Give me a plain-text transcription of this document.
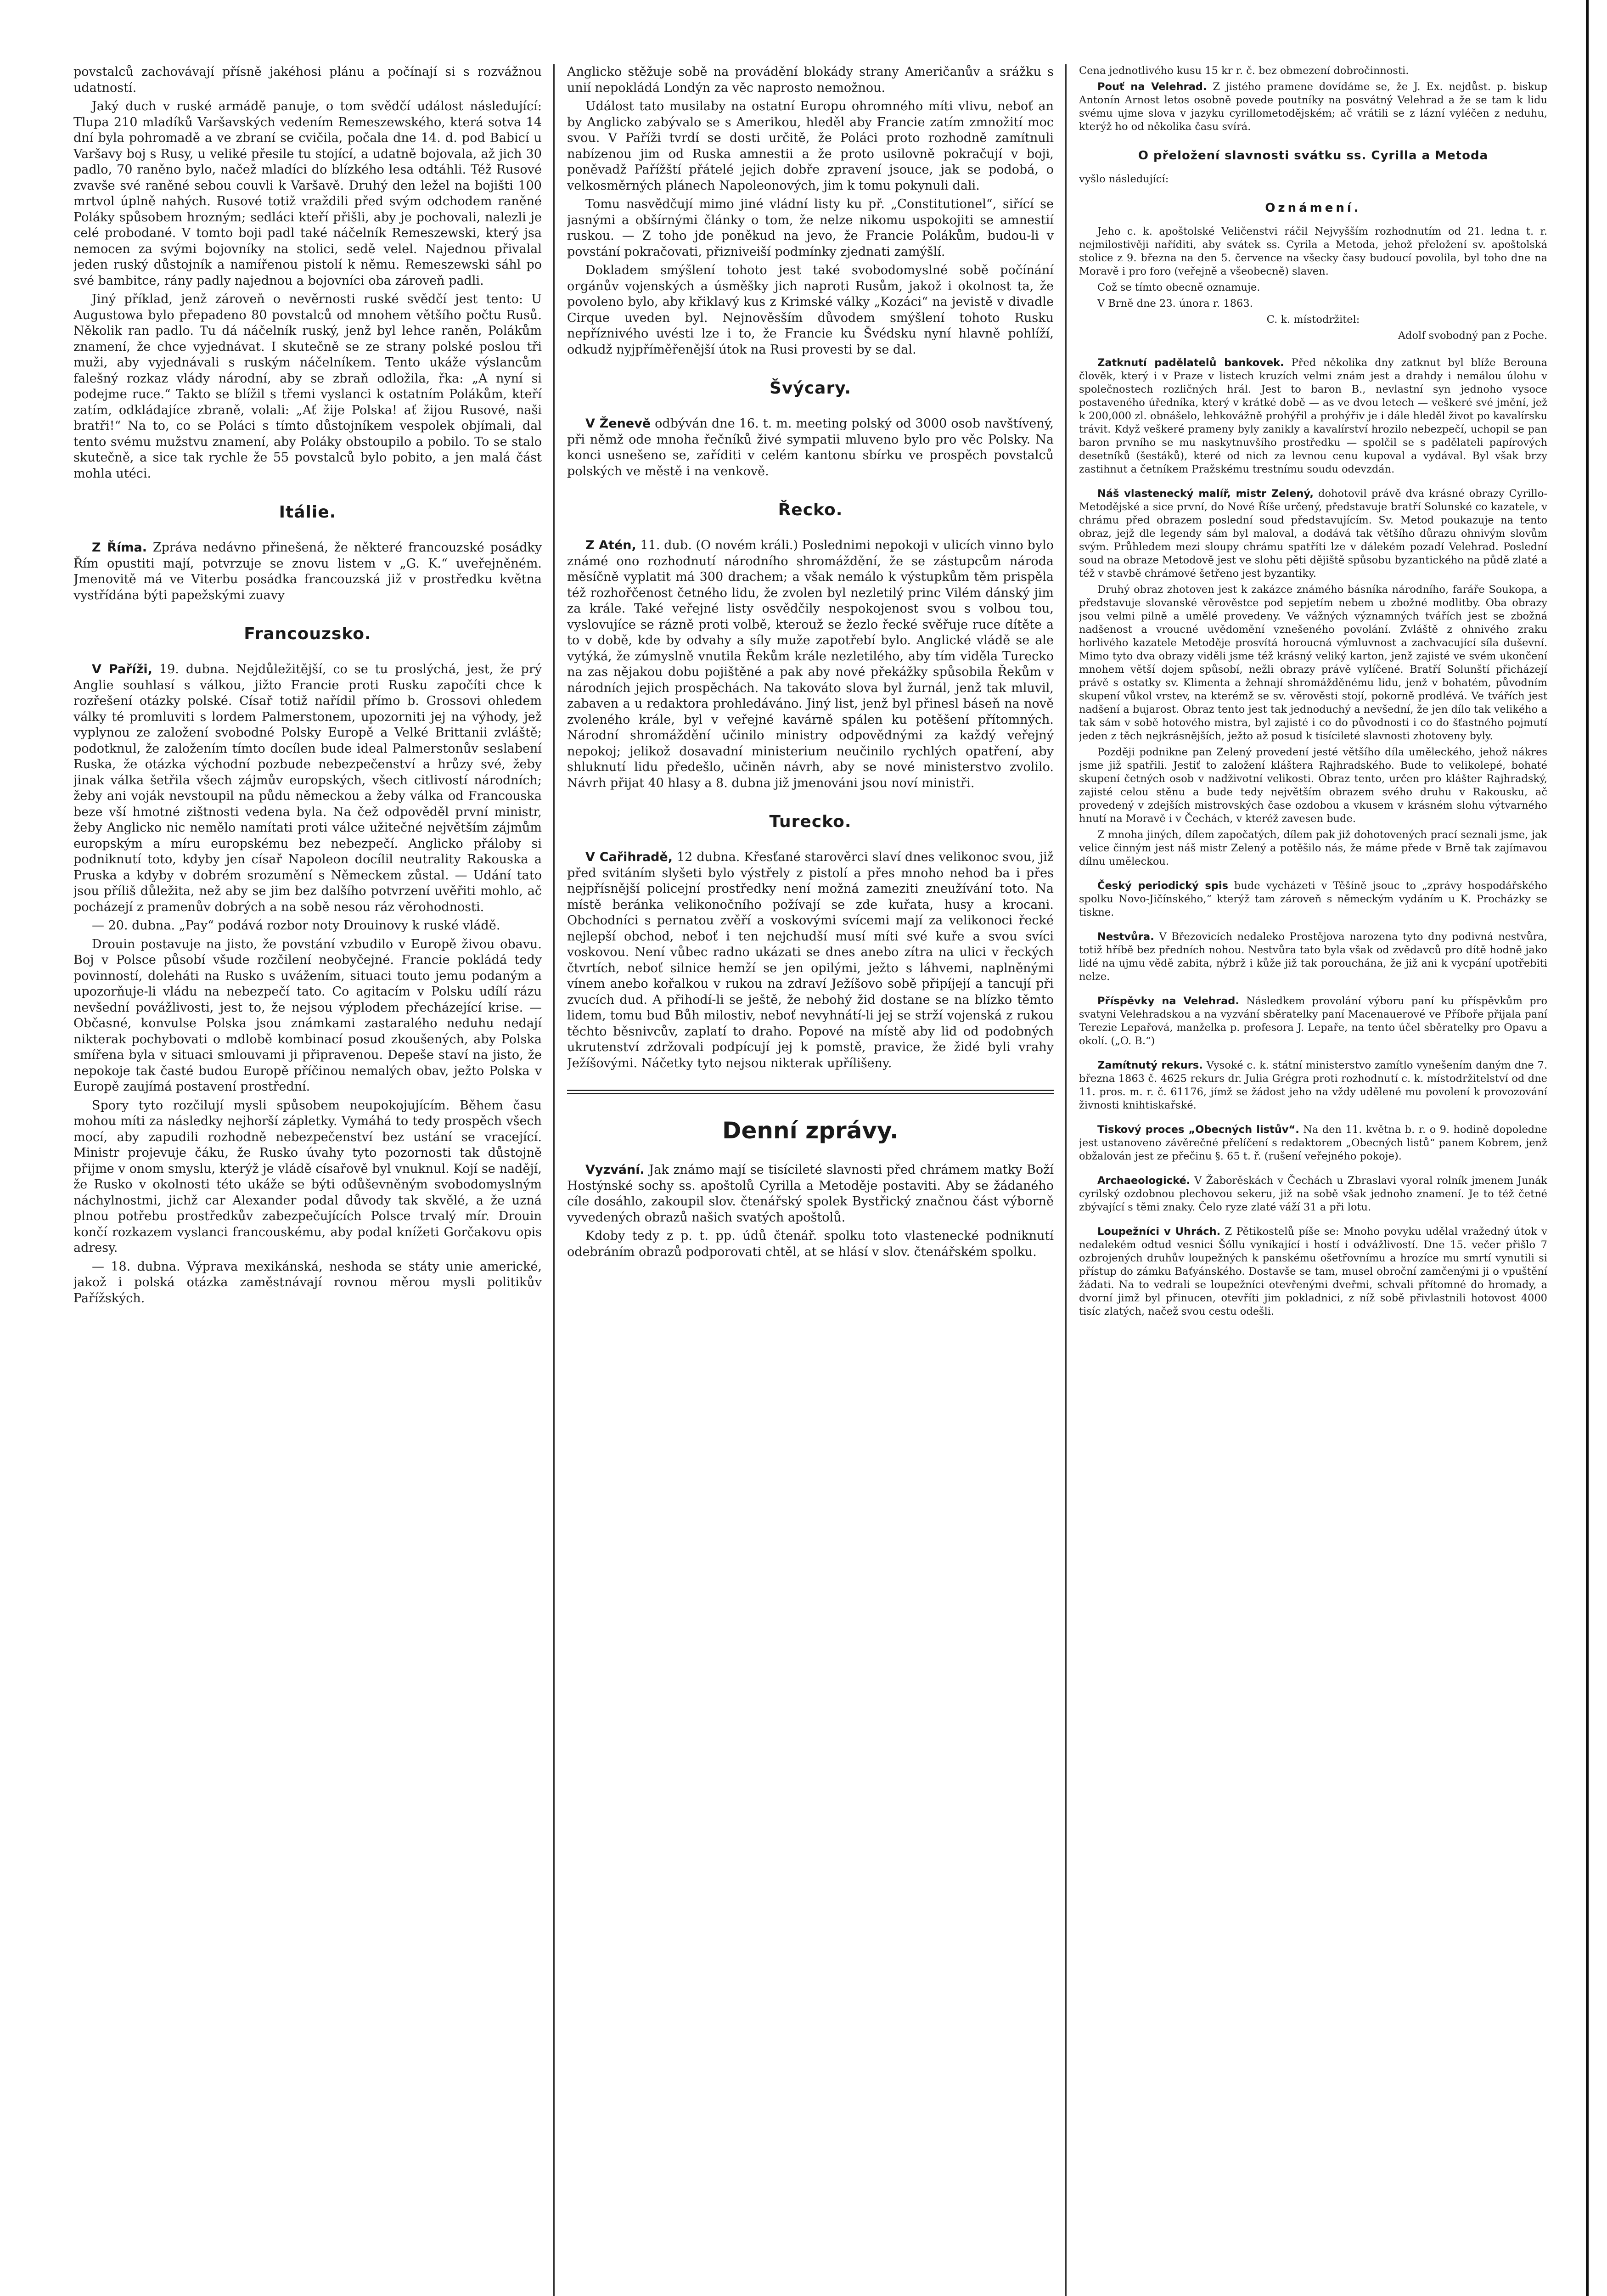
povstalců zachovávají přísně jakéhosi plánu a počínají si s rozvážnou udatností.

Jaký duch v ruské armádě panuje, o tom svědčí událost následující: Tlupa 210 mladíků Varšavských vedením Remeszewského, která sotva 14 dní byla pohromadě a ve zbraní se cvičila, počala dne 14. d. pod Babicí u Varšavy boj s Rusy, u veliké přesile tu stojící, a udatně bojovala, až jich 30 padlo, 70 raněno bylo, načež mladíci do blízkého lesa odtáhli. Též Rusové zvavše své raněné sebou couvli k Varšavě. Druhý den ležel na bojišti 100 mrtvol úplně nahých. Rusové totiž vraždili před svým odchodem raněné Poláky spůsobem hrozným; sedláci kteří přišli, aby je pochovali, nalezli je celé probodané. V tomto boji padl také náčelník Remeszewski, který jsa nemocen za svými bojovníky na stolici, sedě velel. Najednou přivalal jeden ruský důstojník a namířenou pistolí k němu. Remeszewski sáhl po své bambitce, rány padly najednou a bojovníci oba zároveň padli.

Jiný příklad, jenž zároveň o nevěrnosti ruské svědčí jest tento: U Augustowa bylo přepadeno 80 povstalců od mnohem většího počtu Rusů. Několik ran padlo. Tu dá náčelník ruský, jenž byl lehce raněn, Polákům znamení, že chce vyjednávat. I skutečně se ze strany polské poslou tři muži, aby vyjednávali s ruským náčelníkem. Tento ukáže výslancům falešný rozkaz vlády národní, aby se zbraň odložila, řka: „A nyní si podejme ruce.“ Takto se blížil s třemi vyslanci k ostatním Polákům, kteří zatím, odkládajíce zbraně, volali: „Ať žije Polska! ať žijou Rusové, naši bratři!“ Na to, co se Poláci s tímto důstojníkem vespolek objímali, dal tento svému mužstvu znamení, aby Poláky obstoupilo a pobilo. To se stalo skutečně, a sice tak rychle že 55 povstalců bylo pobito, a jen malá část mohla utéci.

Itálie.

Z Říma. Zpráva nedávno přinešená, že některé francouzské posádky Řím opustiti mají, potvrzuje se znovu listem v „G. K.“ uveřejněném. Jmenovitě má ve Viterbu posádka francouzská již v prostředku května vystřídána býti papežskými zuavy

Francouzsko.

V Paříži, 19. dubna. Nejdůležitější, co se tu proslýchá, jest, že prý Anglie souhlasí s válkou, jižto Francie proti Rusku započíti chce k rozřešení otázky polské. Císař totiž nařídil přímo b. Grossovi ohledem války té promluviti s lordem Palmerstonem, upozorniti jej na výhody, jež vyplynou ze založení svobodné Polsky Europě a Velké Brittanii zvláště; podotknul, že založením tímto docílen bude ideal Palmerstonův seslabení Ruska, že otázka východní pozbude nebezpečenství a hrůzy své, žeby jinak válka šetřila všech zájmův europských, všech citlivostí národních; žeby ani voják nevstoupil na půdu německou a žeby válka od Francouska beze vší hmotné zištnosti vedena byla. Na čež odpověděl první ministr, žeby Anglicko nic nemělo namítati proti válce užitečné největším zájmům europským a míru europskému bez nebezpečí. Anglicko přáloby si podniknutí toto, kdyby jen císař Napoleon docílil neutrality Rakouska a Pruska a kdyby v dobrém srozumění s Německem zůstal. — Udání tato jsou příliš důležita, než aby se jim bez dalšího potvrzení uvěřiti mohlo, ač pocházejí z pramenův dobrých a na sobě nesou ráz věrohodnosti.

— 20. dubna. „Pay“ podává rozbor noty Drouinovy k ruské vládě.

Drouin postavuje na jisto, že povstání vzbudilo v Europě živou obavu. Boj v Polsce působí všude rozčilení neobyčejné. Francie pokládá tedy povinností, doleháti na Rusko s uvážením, situaci touto jemu podaným a upozorňuje-li vládu na nebezpečí tato. Co agitacím v Polsku udílí rázu nevšední povážlivosti, jest to, že nejsou výplodem přecházející krise. — Občasné, konvulse Polska jsou známkami zastaralého neduhu nedají nikterak pochybovati o mdlobě kombinací posud zkoušených, aby Polska smířena byla v situaci smlouvami ji připravenou. Depeše staví na jisto, že nepokoje tak časté budou Europě příčinou nemalých obav, ježto Polska v Europě zaujímá postavení prostřední.

Spory tyto rozčilují mysli spůsobem neupokojujícím. Během času mohou míti za následky nejhorší zápletky. Vymáhá to tedy prospěch všech mocí, aby zapudili rozhodně nebezpečenství bez ustání se vracející. Ministr projevuje čáku, že Rusko úvahy tyto pozornosti tak důstojně přijme v onom smyslu, kterýž je vládě císařově byl vnuknul. Kojí se nadějí, že Rusko v okolnosti této ukáže se býti odůševněným svobodomyslným náchylnostmi, jichž car Alexander podal důvody tak skvělé, a že uzná plnou potřebu prostředkův zabezpečujících Polsce trvalý mír. Drouin končí rozkazem vyslanci francouskému, aby podal knížeti Gorčakovu opis adresy.

— 18. dubna. Výprava mexikánská, neshoda se státy unie americké, jakož i polská otázka zaměstnávají rovnou měrou mysli politikův Pařížských.

Anglicko stěžuje sobě na provádění blokády strany Američanův a srážku s unií nepokládá Londýn za věc naprosto nemožnou.

Událost tato musilaby na ostatní Europu ohromného míti vlivu, neboť an by Anglicko zabývalo se s Amerikou, hleděl aby Francie zatím zmnožití moc svou. V Paříži tvrdí se dosti určitě, že Poláci proto rozhodně zamítnuli nabízenou jim od Ruska amnestii a že proto usilovně pokračují v boji, poněvadž Pařížští přátelé jejich dobře zpravení jsouce, jak se podobá, o velkosměrných plánech Napoleonových, jim k tomu pokynuli dali.

Tomu nasvědčují mimo jiné vládní listy ku př. „Constitutionel“, siřící se jasnými a obšírnými články o tom, že nelze nikomu uspokojiti se amnestií ruskou. — Z toho jde poněkud na jevo, že Francie Polákům, budou-li v povstání pokračovati, přizniveiší podmínky zjednati zamýšlí.

Dokladem smýšlení tohoto jest také svobodomyslné sobě počínání orgánův vojenských a úsměšky jich naproti Rusům, jakož i okolnost ta, že povoleno bylo, aby křiklavý kus z Krimské války „Kozáci“ na jevistě v divadle Cirque uveden byl. Nejnověsším důvodem smýšlení tohoto Rusku nepříznivého uvésti lze i to, že Francie ku Švédsku nyní hlavně pohlíží, odkudž nyjpříměřenější útok na Rusi provesti by se dal.

Švýcary.

V Ženevě odbýván dne 16. t. m. meeting polský od 3000 osob navštívený, při němž ode mnoha řečníků živé sympatii mluveno bylo pro věc Polsky. Na konci usnešeno se, zaříditi v celém kantonu sbírku ve prospěch povstalců polských ve městě i na venkově.

Řecko.

Z Atén, 11. dub. (O novém králi.) Poslednimi nepokoji v ulicích vinno bylo známé ono rozhodnutí národního shromáždění, že se zástupcům národa měsíčně vyplatit má 300 drachem; a však nemálo k výstupkům těm prispěla též rozhořčenost četného lidu, že zvolen byl nezletilý princ Vilém dánský jim za krále. Také veřejné listy osvědčily nespokojenost svou s volbou tou, vyslovujíce se rázně proti volbě, kterouž se žezlo řecké svěřuje ruce dítěte a to v době, kde by odvahy a síly muže zapotřebí bylo. Anglické vládě se ale vytýká, že zúmyslně vnutila Řekům krále nezletilého, aby tím viděla Turecko na zas nějakou dobu pojištěné a pak aby nové překážky spůsobila Řekům v národních jejich prospěchách. Na takováto slova byl žurnál, jenž tak mluvil, zabaven a u redaktora prohledáváno. Jiný list, jenž byl přinesl báseň na nově zvoleného krále, byl v veřejné kavárně spálen ku potěšení přítomných. Národní shromáždění učinilo ministry odpovědnými za každý veřejný nepokoj; jelikož dosavadní ministerium neučinilo rychlých opatření, aby shluknutí lidu předešlo, učiněn návrh, aby se nové ministerstvo zvolilo. Návrh přijat 40 hlasy a 8. dubna již jmenováni jsou noví ministři.

Turecko.

V Cařihradě, 12 dubna. Křesťané starověrci slaví dnes velikonoc svou, již před svitáním slyšeti bylo výstřely z pistolí a přes mnoho nehod ba i přes nejpřísnější policejní prostředky není možná zameziti zneužívání toto. Na místě beránka velikonočního požívají se zde kuřata, husy a krocani. Obchodníci s pernatou zvěří a voskovými svícemi mají za velikonoci řecké nejlepší obchod, neboť i ten nejchudší musí míti své kuře a svou svíci voskovou. Není vůbec radno ukázati se dnes anebo zítra na ulici v řeckých čtvrtích, neboť silnice hemží se jen opilými, ježto s láhvemi, naplněnými vínem anebo kořalkou v rukou na zdraví Ježíšovo sobě připíjejí a tancují při zvucích dud. A přihodí-li se ještě, že nebohý žid dostane se na blízko těmto lidem, tomu bud Bůh milostiv, neboť nevyhnátí-li jej se strží vojenská z rukou těchto běsnivcův, zaplatí to draho. Popové na místě aby lid od podobných ukrutenství zdržovali podpícují jej k pomstě, pravice, že židé byli vrahy Ježíšovými. Náčetky tyto nejsou nikterak upřílišeny.

Denní zprávy.

Vyzvání. Jak známo mají se tisícileté slavnosti před chrámem matky Boží Hostýnské sochy ss. apoštolů Cyrilla a Metoděje postaviti. Aby se žádaného cíle dosáhlo, zakoupil slov. čtenářský spolek Bystřický značnou část výborně vyvedených obrazů našich svatých apoštolů.

Kdoby tedy z p. t. pp. údů čtenář. spolku toto vlastenecké podniknutí odebráním obrazů podporovati chtěl, at se hlásí v slov. čtenářském spolku.

Cena jednotlivého kusu 15 kr r. č. bez obmezení dobročinnosti.

Pouť na Velehrad. Z jistého pramene dovídáme se, že J. Ex. nejdůst. p. biskup Antonín Arnost letos osobně povede poutníky na posvátný Velehrad a že se tam k lidu svému ujme slova v jazyku cyrillometodějském; ač vrátili se z lázní vyléčen z neduhu, kterýž ho od několika času svírá.

O přeložení slavnosti svátku ss. Cyrilla a Metoda

vyšlo následující:

Oznámení.

Jeho c. k. apoštolské Veličenstvi ráčil Nejvyšším rozhodnutím od 21. ledna t. r. nejmilostivěji naříditi, aby svátek ss. Cyrila a Metoda, jehož přeložení sv. apoštolská stolice z 9. března na den 5. července na všecky časy budoucí povolila, byl toho dne na Moravě i pro foro (veřejně a všeobecně) slaven.

Což se tímto obecně oznamuje.

V Brně dne 23. února r. 1863.

C. k. místodržitel:

Adolf svobodný pan z Poche.

Zatknutí padělatelů bankovek. Před několika dny zatknut byl blíže Berouna člověk, který i v Praze v listech kruzích velmi znám jest a drahdy i nemálou úlohu v společnostech rozličných hrál. Jest to baron B., nevlastní syn jednoho vysoce postaveného úředníka, který v krátké době — as ve dvou letech — veškeré své jmění, jež k 200,000 zl. obnášelo, lehkovážně prohýřil a prohýřiv je i dále hleděl život po kavalírsku trávit. Když veškeré prameny byly zanikly a kavalírství hrozilo nebezpečí, uchopil se pan baron prvního se mu naskytnuvšího prostředku — spolčil se s padělateli papírových desetníků (šestáků), které od nich za levnou cenu kupoval a vydával. Byl však brzy zastihnut a četníkem Pražskému trestnímu soudu odevzdán.

Náš vlastenecký malíř, mistr Zelený, dohotovil právě dva krásné obrazy Cyrillo-Metodějské a sice první, do Nové Říše určený, představuje bratří Solunské co kazatele, v chrámu před obrazem poslední soud představujícím. Sv. Metod poukazuje na tento obraz, jejž dle legendy sám byl maloval, a dodává tak většího důrazu ohnivým slovům svým. Průhledem mezi sloupy chrámu spatříti lze v dálekém pozadí Velehrad. Poslední soud na obraze Metodově jest ve slohu pěti dějiště spůsobu byzantického na půdě zlaté a též v stavbě chrámové šetřeno jest byzantiky.

Druhý obraz zhotoven jest k zakázce známého básníka národního, faráře Soukopa, a představuje slovanské věrověstce pod sepjetím nebem u zbožné modlitby. Oba obrazy jsou velmi pilně a umělé provedeny. Ve vážných významných tvářích jest se zbožná nadšenost a vroucné uvědomění vznešeného povolání. Zvláště z ohnivého zraku horlivého kazatele Metoděje prosvítá horoucná výmluvnost a zachvacující síla duševní. Mimo tyto dva obrazy viděli jsme též krásný veliký karton, jenž zajisté ve svém ukončení mnohem větší dojem spůsobí, nežli obrazy právě vylíčené. Bratří Solunští přicházejí právě s ostatky sv. Klimenta a žehnají shromážděnému lidu, jenž v bohatém, původním skupení vůkol vrstev, na kterémž se sv. věrověsti stojí, pokorně prodlévá. Ve tvářích jest nadšení a bujarost. Obraz tento jest tak jednoduchý a nevšední, že jen dílo tak velikého a tak sám v sobě hotového mistra, byl zajisté i co do původnosti i co do šťastného pojmutí jeden z těch nejkrásnějších, ježto až posud k tisícileté slavnosti zhotoveny byly.

Později podnikne pan Zelený provedení jesté většího díla uměleckého, jehož nákres jsme již spatřili. Jestiť to založení kláštera Rajhradského. Bude to velikolepé, bohaté skupení četných osob v nadživotní velikosti. Obraz tento, určen pro klášter Rajhradský, zajisté celou stěnu a bude tedy největším obrazem svého druhu v Rakousku, ač provedený v zdejších mistrovských čase ozdobou a vkusem v krásném slohu výtvarného hnutí na Moravě i v Čechách, v kteréž zavesen bude.

Z mnoha jiných, dílem započatých, dílem pak již dohotovených prací seznali jsme, jak velice činným jest náš mistr Zelený a potěšilo nás, že máme přede v Brně tak zajímavou dílnu uměleckou.

Český periodický spis bude vycházeti v Těšíně jsouc to „zprávy hospodářského spolku Novo-Jičínského,“ kterýž tam zároveň s německým vydáním u K. Procházky se tiskne.

Nestvůra. V Březovicích nedaleko Prostějova narozena tyto dny podivná nestvůra, totiž hříbě bez předních nohou. Nestvůra tato byla však od zvědavců pro dítě hodně jako lidé na ujmu vědě zabita, nýbrž i kůže již tak porouchána, že již ani k vycpání upotřebiti nelze.

Příspěvky na Velehrad. Následkem provolání výboru paní ku příspěvkům pro svatyni Velehradskou a na vyzvání sběratelky paní Macenauerové ve Příboře přijala paní Terezie Lepařová, manželka p. profesora J. Lepaře, na tento účel sběratelky pro Opavu a okolí. („O. B.“)

Zamítnutý rekurs. Vysoké c. k. státní ministerstvo zamítlo vynešením daným dne 7. března 1863 č. 4625 rekurs dr. Julia Grégra proti rozhodnutí c. k. místodržitelství od dne 11. pros. m. r. č. 61176, jímž se žádost jeho na vždy udělené mu povolení k provozování živnosti knihtiskařské.

Tiskový proces „Obecných listův“. Na den 11. května b. r. o 9. hodině dopoledne jest ustanoveno závěrečné přelíčení s redaktorem „Obecných listů“ panem Kobrem, jenž obžalován jest ze přečinu §. 65 t. ř. (rušení veřejného pokoje).

Archaeologické. V Žaborěskách v Čechách u Zbraslavi vyoral rolník jmenem Junák cyrilský ozdobnou plechovou sekeru, již na sobě však jednoho znamení. Je to též četné zbývající s těmi znaky. Čelo ryze zlaté váží 31 a při lotu.

Loupežníci v Uhrách. Z Pětikostelů píše se: Mnoho povyku udělal vražedný útok v nedalekém odtud vesnici Šóllu vynikající i hostí i odvážlivostí. Dne 15. večer přišlo 7 ozbrojených druhův loupežných k panskému ošetřovnímu a hrozíce mu smrtí vynutili si přístup do zámku Baťyánského. Dostavše se tam, musel obroční zamčenými ji o vpuštění žádati. Na to vedrali se loupežníci otevřenými dveřmi, schvali přítomné do hromady, a dvorní jimž byl přinucen, otevříti jim pokladnici, z níž sobě přivlastnili hotovost 4000 tisíc zlatých, načež svou cestu odešli.
